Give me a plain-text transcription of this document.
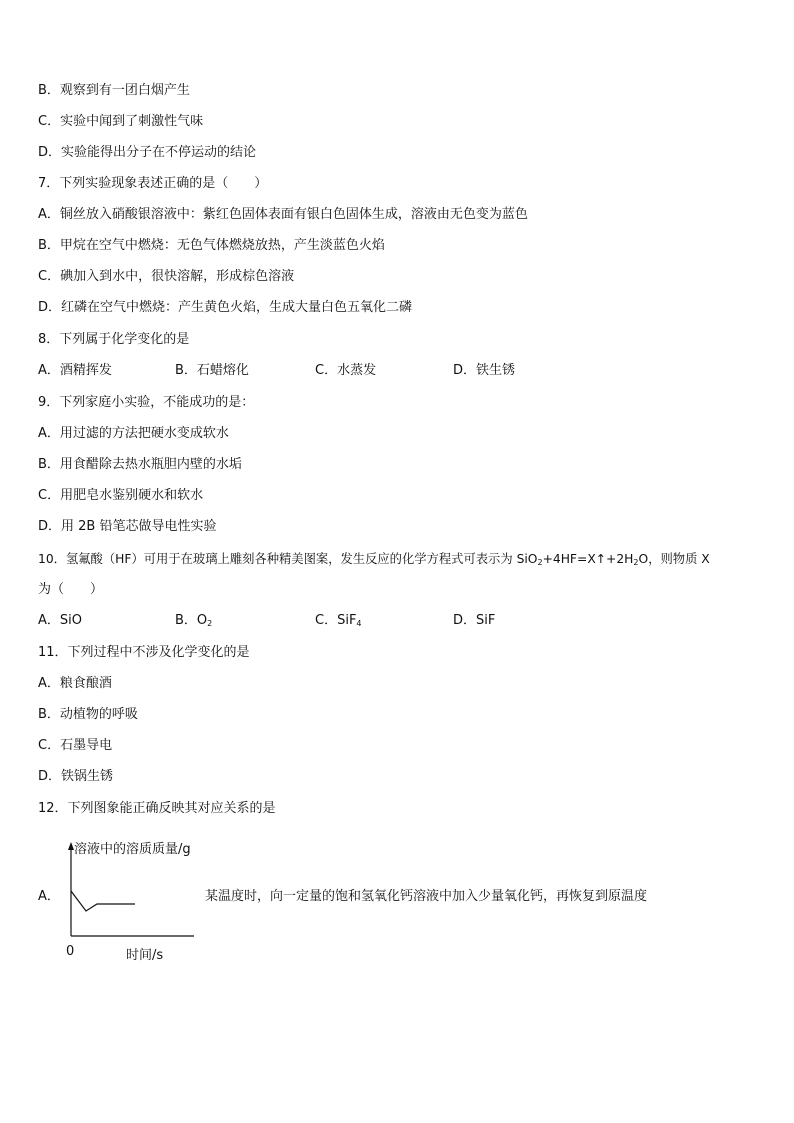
B．观察到有一团白烟产生
C．实验中闻到了刺激性气味
D．实验能得出分子在不停运动的结论
7．下列实验现象表述正确的是（　　）
A．铜丝放入硝酸银溶液中：紫红色固体表面有银白色固体生成，溶液由无色变为蓝色
B．甲烷在空气中燃烧：无色气体燃烧放热，产生淡蓝色火焰
C．碘加入到水中，很快溶解，形成棕色溶液
D．红磷在空气中燃烧：产生黄色火焰，生成大量白色五氧化二磷
8．下列属于化学变化的是
A．酒精挥发	B．石蜡熔化	C．水蒸发	D．铁生锈
9．下列家庭小实验，不能成功的是：
A．用过滤的方法把硬水变成软水
B．用食醋除去热水瓶胆内壁的水垢
C．用肥皂水鉴别硬水和软水
D．用 2B 铅笔芯做导电性实验
10．氢氟酸（HF）可用于在玻璃上雕刻各种精美图案，发生反应的化学方程式可表示为 $SiO_2+4HF=X↑+2H_2O$，则物质 X
为（　　）
A．SiO	B．$O_2$	C．SiF$_4$	D．SiF
11．下列过程中不涉及化学变化的是
A．粮食酿酒
B．动植物的呼吸
C．石墨导电
D．铁锅生锈
12．下列图象能正确反映其对应关系的是
A．
溶液中的溶质质量/g
0	时间/s
某温度时，向一定量的饱和氢氧化钙溶液中加入少量氧化钙，再恢复到原温度
